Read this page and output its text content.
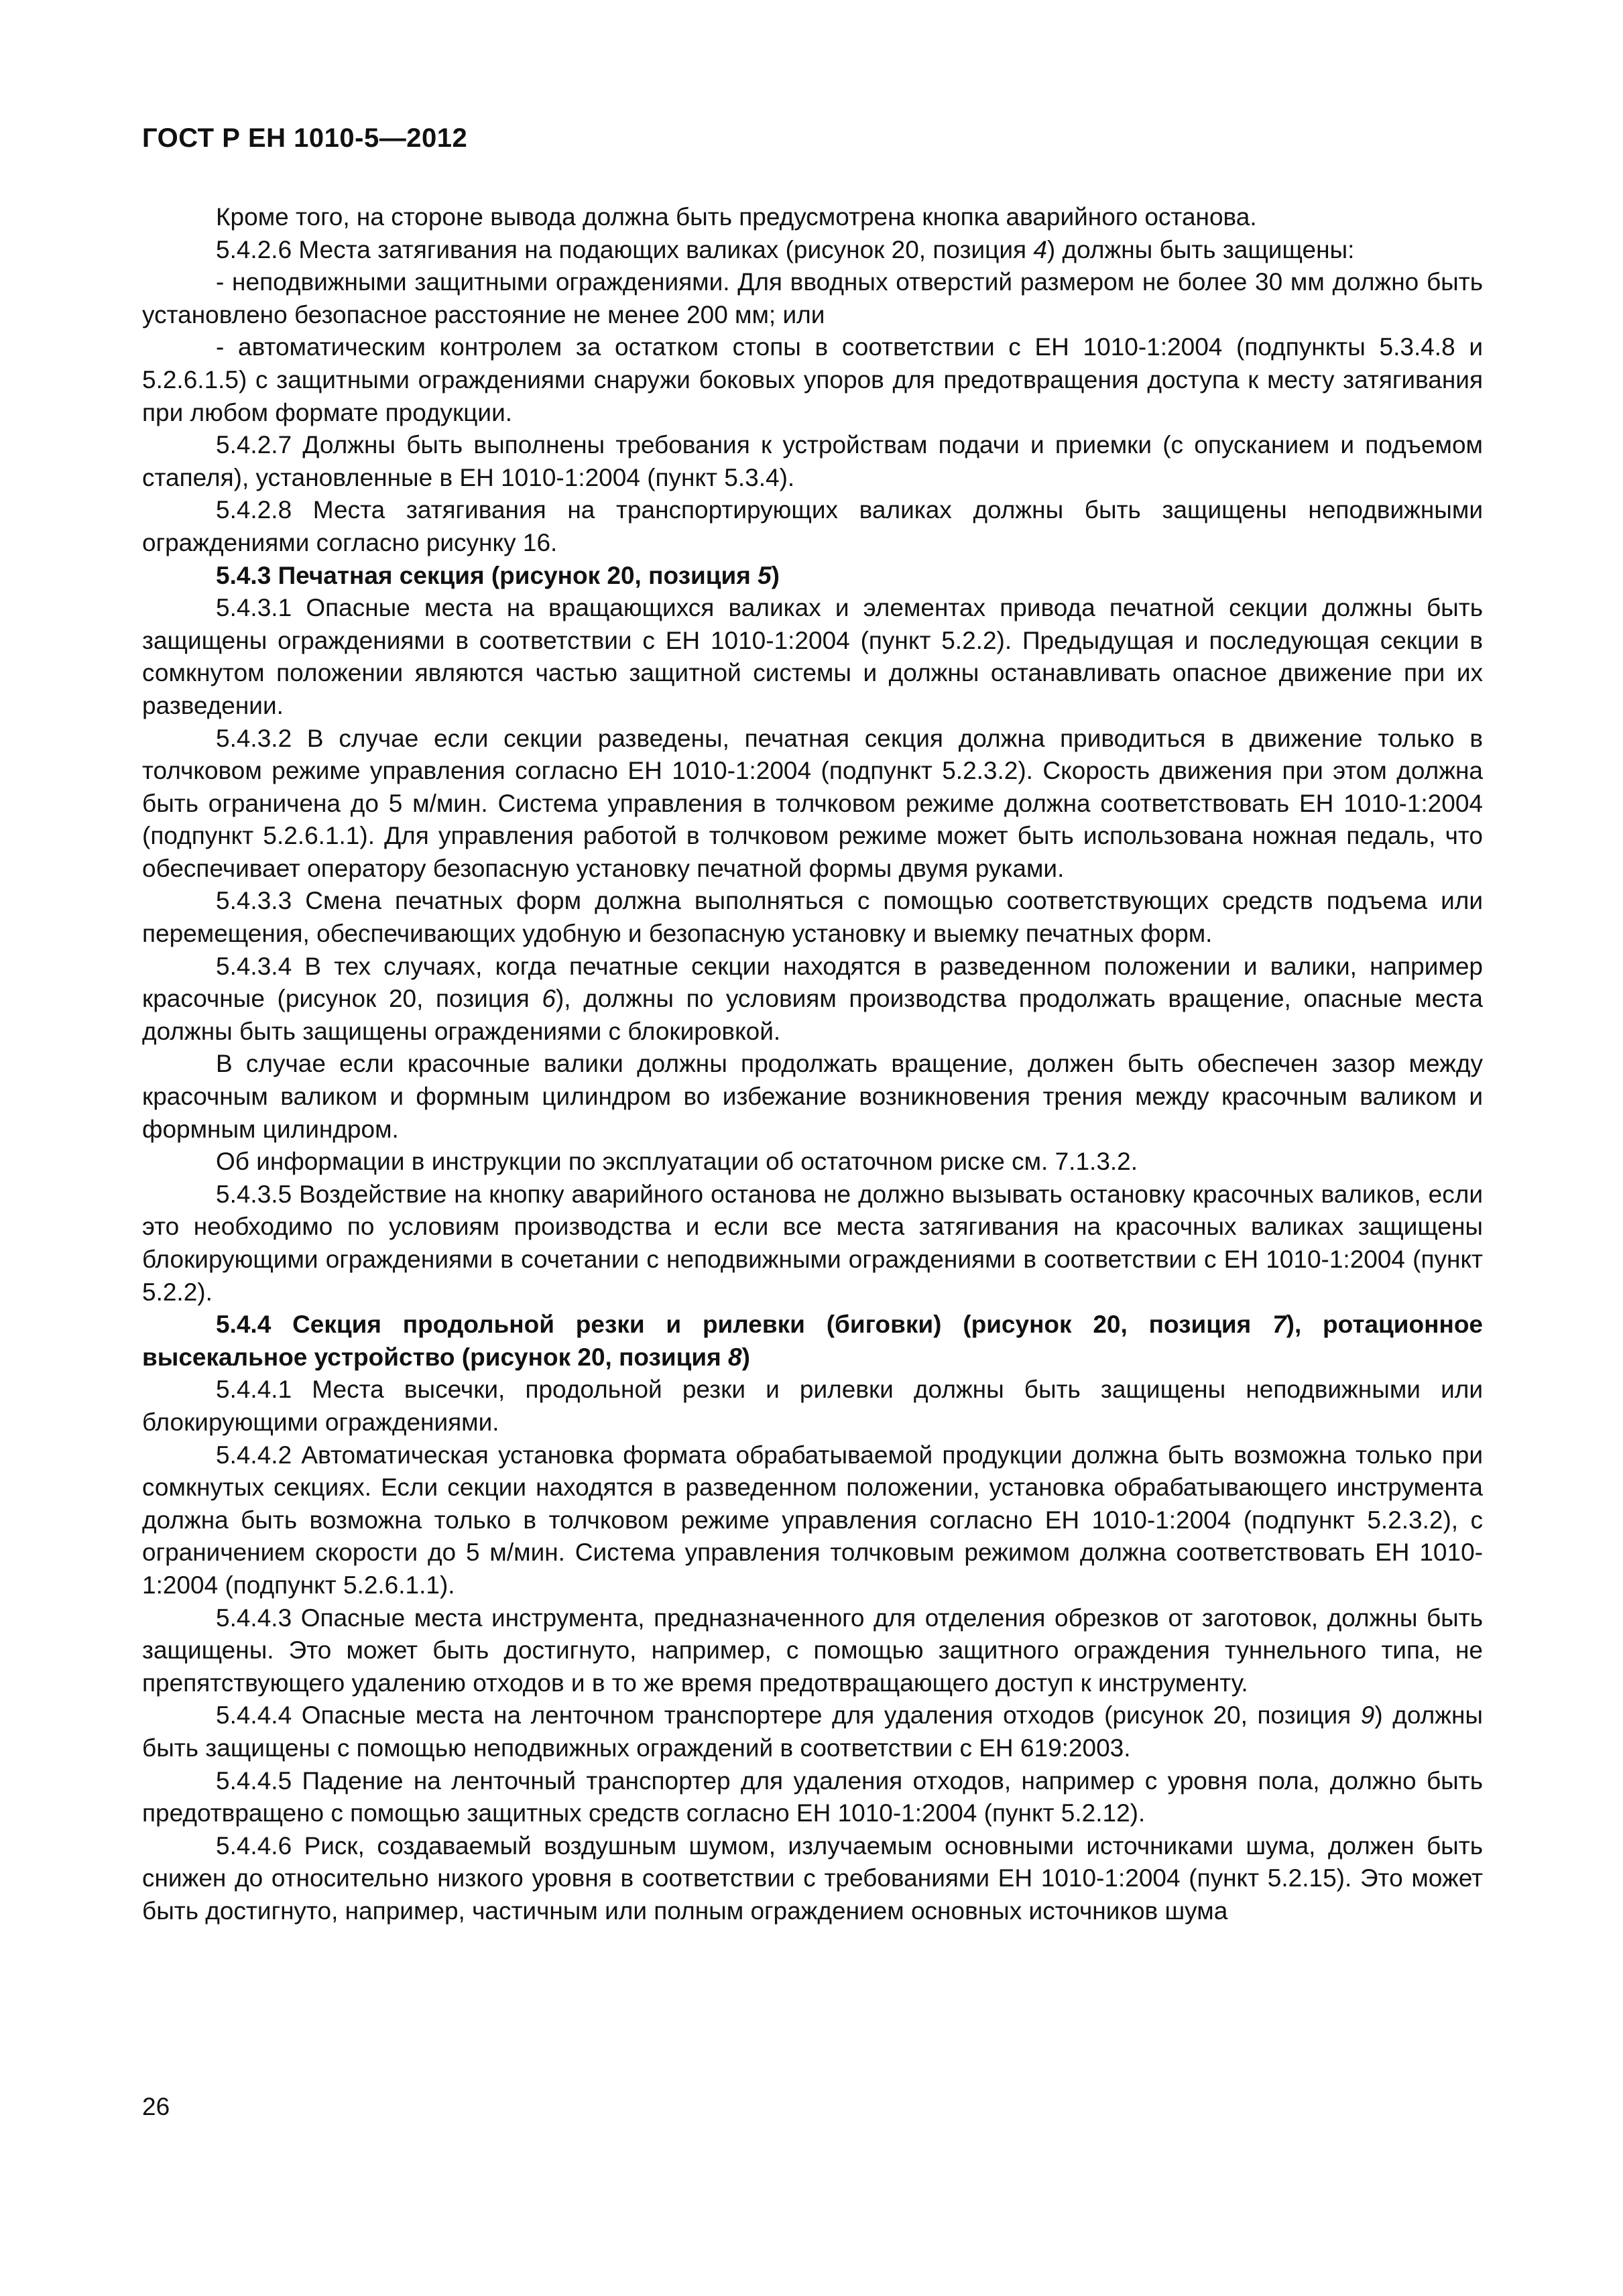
ГОСТ Р ЕН 1010-5—2012

Кроме того, на стороне вывода должна быть предусмотрена кнопка аварийного останова.

5.4.2.6 Места затягивания на подающих валиках (рисунок 20, позиция 4) должны быть защищены:

- неподвижными защитными ограждениями. Для вводных отверстий размером не более 30 мм должно быть установлено безопасное расстояние не менее 200 мм; или

- автоматическим контролем за остатком стопы в соответствии с ЕН 1010-1:2004 (подпункты 5.3.4.8 и 5.2.6.1.5) с защитными ограждениями снаружи боковых упоров для предотвращения доступа к месту затягивания при любом формате продукции.

5.4.2.7 Должны быть выполнены требования к устройствам подачи и приемки (с опусканием и подъемом стапеля), установленные в ЕН 1010-1:2004 (пункт 5.3.4).

5.4.2.8 Места затягивания на транспортирующих валиках должны быть защищены неподвижными ограждениями согласно рисунку 16.

5.4.3 Печатная секция (рисунок 20, позиция 5)

5.4.3.1 Опасные места на вращающихся валиках и элементах привода печатной секции должны быть защищены ограждениями в соответствии с ЕН 1010-1:2004 (пункт 5.2.2). Предыдущая и последующая секции в сомкнутом положении являются частью защитной системы и должны останавливать опасное движение при их разведении.

5.4.3.2 В случае если секции разведены, печатная секция должна приводиться в движение только в толчковом режиме управления согласно ЕН 1010-1:2004 (подпункт 5.2.3.2). Скорость движения при этом должна быть ограничена до 5 м/мин. Система управления в толчковом режиме должна соответствовать ЕН 1010-1:2004 (подпункт 5.2.6.1.1). Для управления работой в толчковом режиме может быть использована ножная педаль, что обеспечивает оператору безопасную установку печатной формы двумя руками.

5.4.3.3 Смена печатных форм должна выполняться с помощью соответствующих средств подъема или перемещения, обеспечивающих удобную и безопасную установку и выемку печатных форм.

5.4.3.4 В тех случаях, когда печатные секции находятся в разведенном положении и валики, например красочные (рисунок 20, позиция 6), должны по условиям производства продолжать вращение, опасные места должны быть защищены ограждениями с блокировкой.

В случае если красочные валики должны продолжать вращение, должен быть обеспечен зазор между красочным валиком и формным цилиндром во избежание возникновения трения между красочным валиком и формным цилиндром.

Об информации в инструкции по эксплуатации об остаточном риске см. 7.1.3.2.

5.4.3.5 Воздействие на кнопку аварийного останова не должно вызывать остановку красочных валиков, если это необходимо по условиям производства и если все места затягивания на красочных валиках защищены блокирующими ограждениями в сочетании с неподвижными ограждениями в соответствии с ЕН 1010-1:2004 (пункт 5.2.2).

5.4.4 Секция продольной резки и рилевки (биговки) (рисунок 20, позиция 7), ротационное высекальное устройство (рисунок 20, позиция 8)

5.4.4.1 Места высечки, продольной резки и рилевки должны быть защищены неподвижными или блокирующими ограждениями.

5.4.4.2 Автоматическая установка формата обрабатываемой продукции должна быть возможна только при сомкнутых секциях. Если секции находятся в разведенном положении, установка обрабатывающего инструмента должна быть возможна только в толчковом режиме управления согласно ЕН 1010-1:2004 (подпункт 5.2.3.2), с ограничением скорости до 5 м/мин. Система управления толчковым режимом должна соответствовать ЕН 1010-1:2004 (подпункт 5.2.6.1.1).

5.4.4.3 Опасные места инструмента, предназначенного для отделения обрезков от заготовок, должны быть защищены. Это может быть достигнуто, например, с помощью защитного ограждения туннельного типа, не препятствующего удалению отходов и в то же время предотвращающего доступ к инструменту.

5.4.4.4 Опасные места на ленточном транспортере для удаления отходов (рисунок 20, позиция 9) должны быть защищены с помощью неподвижных ограждений в соответствии с ЕН 619:2003.

5.4.4.5 Падение на ленточный транспортер для удаления отходов, например с уровня пола, должно быть предотвращено с помощью защитных средств согласно ЕН 1010-1:2004 (пункт 5.2.12).

5.4.4.6 Риск, создаваемый воздушным шумом, излучаемым основными источниками шума, должен быть снижен до относительно низкого уровня в соответствии с требованиями ЕН 1010-1:2004 (пункт 5.2.15). Это может быть достигнуто, например, частичным или полным ограждением основных источников шума

26
